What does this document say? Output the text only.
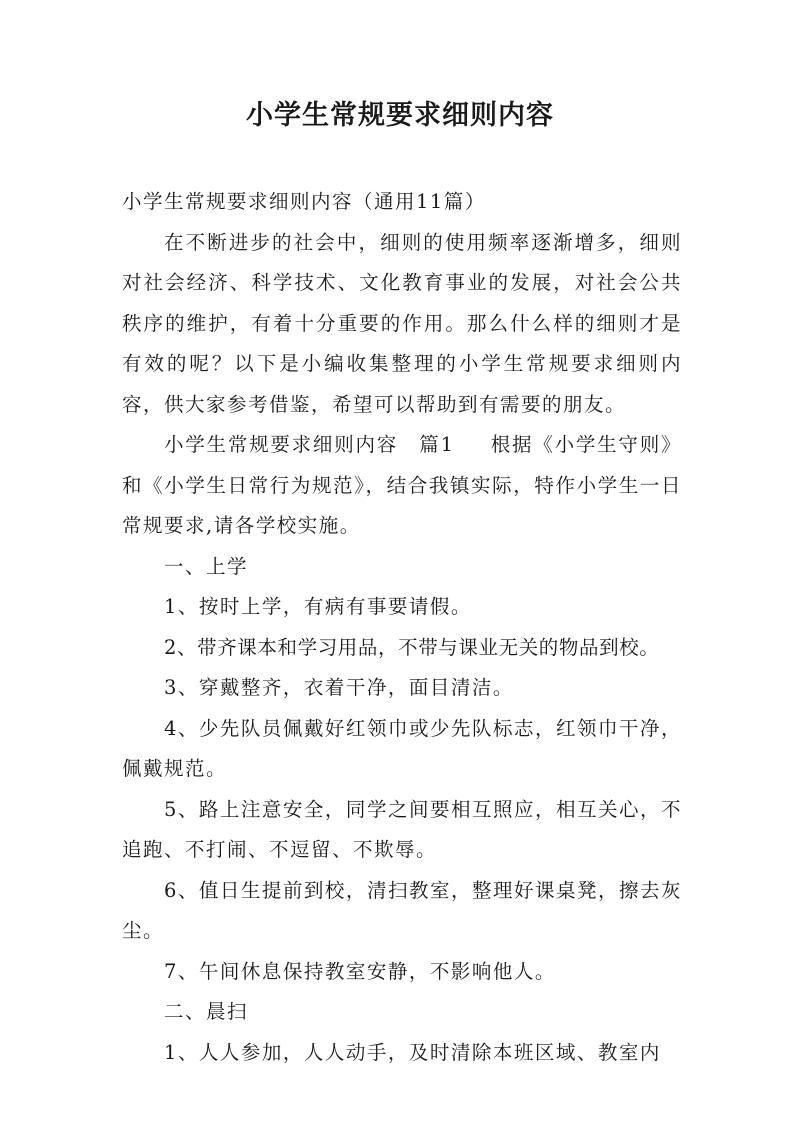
小学生常规要求细则内容

小学生常规要求细则内容（通用11篇）

在不断进步的社会中，细则的使用频率逐渐增多，细则对社会经济、科学技术、文化教育事业的发展，对社会公共秩序的维护，有着十分重要的作用。那么什么样的细则才是有效的呢？以下是小编收集整理的小学生常规要求细则内容，供大家参考借鉴，希望可以帮助到有需要的朋友。

小学生常规要求细则内容　篇1 根据《小学生守则》和《小学生日常行为规范》，结合我镇实际，特作小学生一日常规要求,请各学校实施。

一、上学

1、按时上学，有病有事要请假。

2、带齐课本和学习用品，不带与课业无关的物品到校。

3、穿戴整齐，衣着干净，面目清洁。

4、少先队员佩戴好红领巾或少先队标志，红领巾干净，佩戴规范。

5、路上注意安全，同学之间要相互照应，相互关心，不追跑、不打闹、不逗留、不欺辱。

6、值日生提前到校，清扫教室，整理好课桌凳，擦去灰尘。

7、午间休息保持教室安静，不影响他人。

二、晨扫

1、人人参加，人人动手，及时清除本班区域、教室内
